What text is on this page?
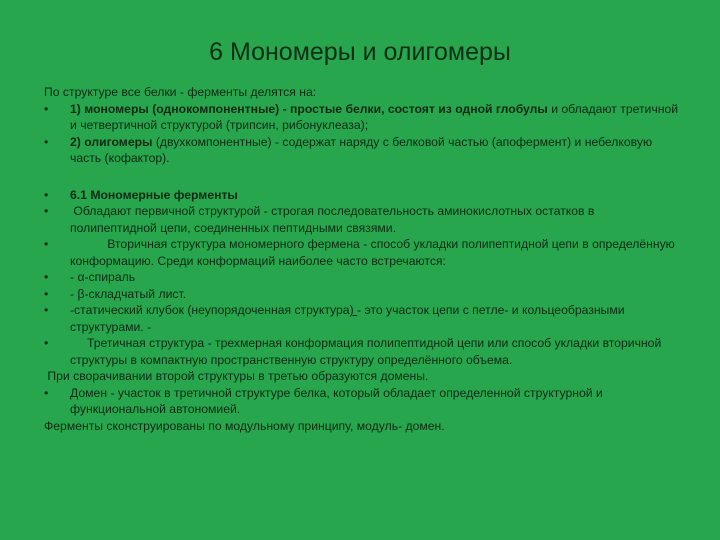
6 Мономеры и олигомеры

По структуре все белки - ферменты делятся на:

•	1) мономеры (однокомпонентные) - простые белки, состоят из одной глобулы и обладают третичной и четвертичной структурой (трипсин, рибонуклеаза);

•	2) олигомеры (двухкомпонентные) - содержат наряду с белковой частью (апофермент) и небелковую часть (кофактор).

•	6.1 Мономерные ферменты

•	Обладают первичной структурой - строгая последовательность аминокислотных остатков в полипептидной цепи, соединенных пептидными связями.

•	Вторичная структура мономерного фермена - способ укладки полипептидной цепи в определённую конформацию. Среди конформаций наиболее часто встречаются:

•	- α-спираль

•	- β-складчатый лист.

•	-статический клубок (неупорядоченная структура) - это участок цепи с петле- и кольцеобразными структурами. -

•	Третичная структура - трехмерная конформация полипептидной цепи или способ укладки вторичной структуры в компактную пространственную структуру определённого объема.

При сворачивании второй структуры в третью образуются домены.

•	Домен - участок в третичной структуре белка, который обладает определенной структурной и функциональной автономией.

Ферменты сконструированы по модульному принципу, модуль- домен.
